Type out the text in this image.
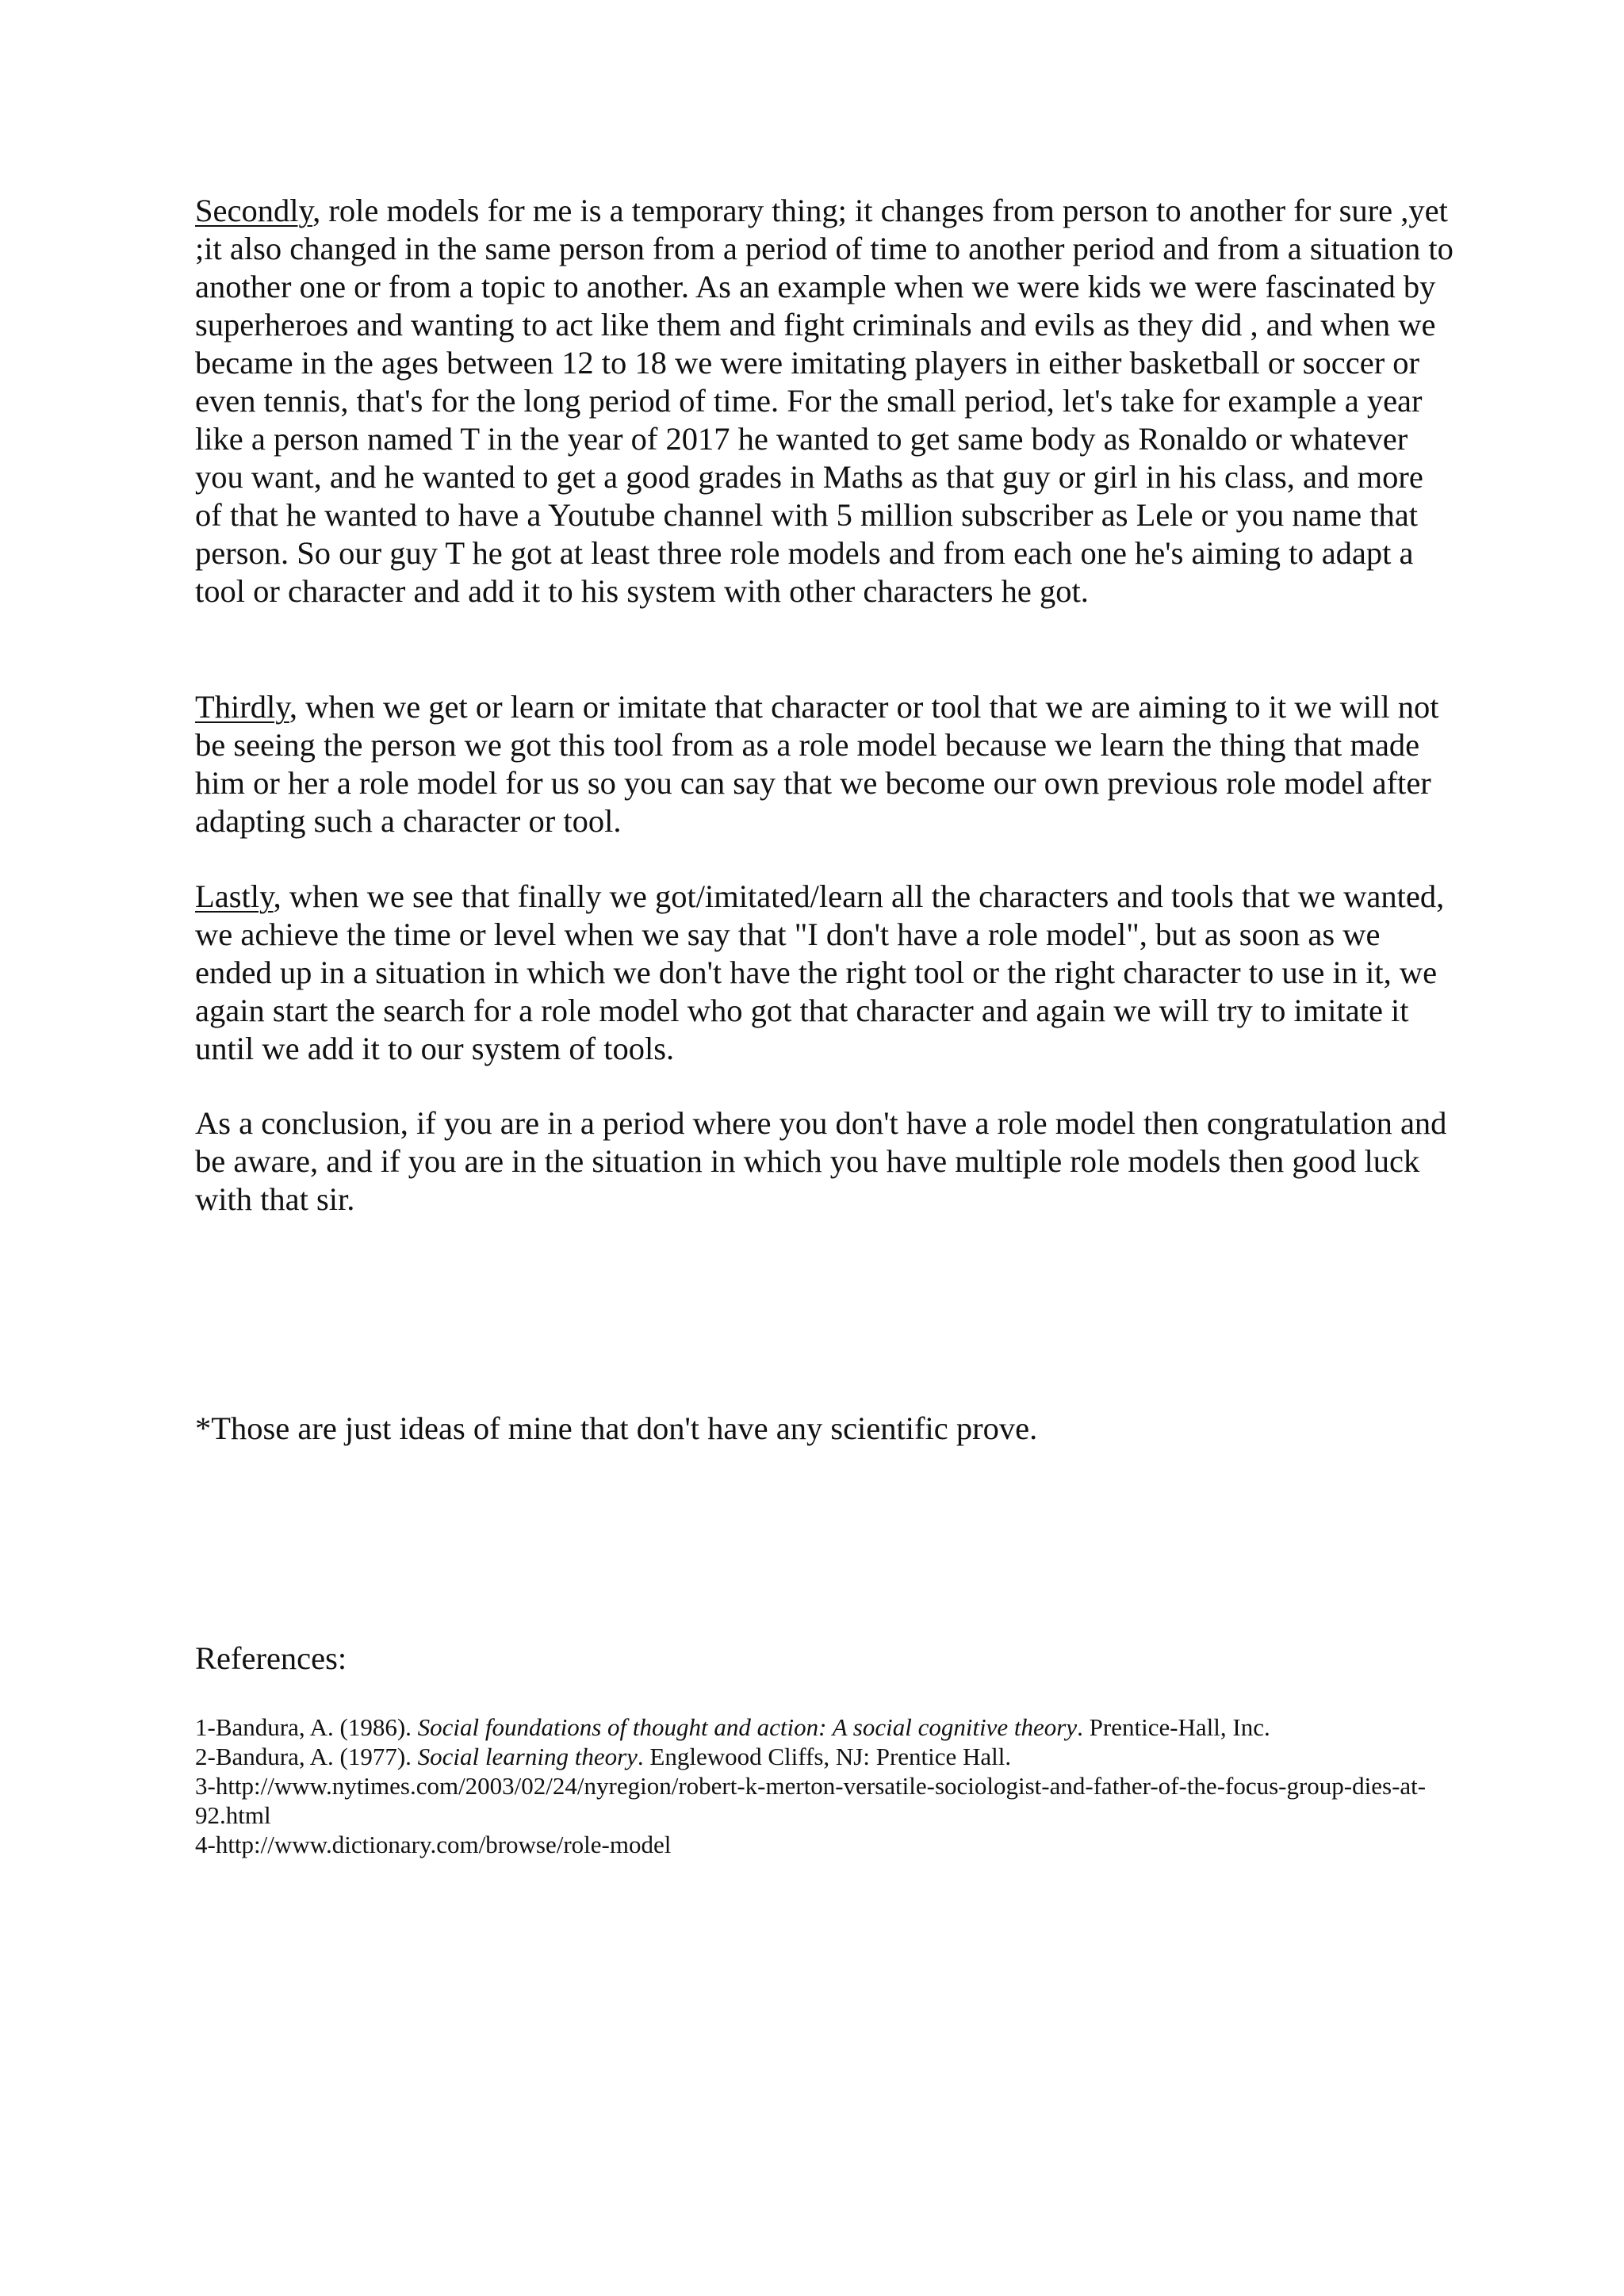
Secondly, role models for me is a temporary thing; it changes from person to another for sure ,yet ;it also changed in the same person from a period of time to another period and from a situation to another one or from a topic to another. As an example when we were kids we were fascinated by superheroes and wanting to act like them and fight criminals and evils as they did , and when we became in the ages between 12 to 18 we were imitating players in either basketball or soccer or even tennis, that's for the long period of time. For the small period, let's take for example a year like a person named T in the year of 2017 he wanted to get same body as Ronaldo or whatever you want, and he wanted to get a good grades in Maths as that guy or girl in his class, and more of that he wanted to have a Youtube channel with 5 million subscriber as Lele or you name that person. So our guy T he got at least three role models and from each one he's aiming to adapt a tool or character and add it to his system with other characters he got.

Thirdly, when we get or learn or imitate that character or tool that we are aiming to it we will not be seeing the person we got this tool from as a role model because we learn the thing that made him or her a role model for us so you can say that we become our own previous role model after adapting such a character or tool.

Lastly, when we see that finally we got/imitated/learn all the characters and tools that we wanted, we achieve the time or level when we say that "I don't have a role model", but as soon as we ended up in a situation in which we don't have the right tool or the right character to use in it, we again start the search for a role model who got that character and again we will try to imitate it until we add it to our system of tools.

As a conclusion, if you are in a period where you don't have a role model then congratulation and be aware, and if you are in the situation in which you have multiple role models then good luck with that sir.

*Those are just ideas of mine that don't have any scientific prove.

References:

1-Bandura, A. (1986). Social foundations of thought and action: A social cognitive theory. Prentice-Hall, Inc.

2-Bandura, A. (1977). Social learning theory. Englewood Cliffs, NJ: Prentice Hall.

3-http://www.nytimes.com/2003/02/24/nyregion/robert-k-merton-versatile-sociologist-and-father-of-the-focus-group-dies-at-92.html

4-http://www.dictionary.com/browse/role-model
